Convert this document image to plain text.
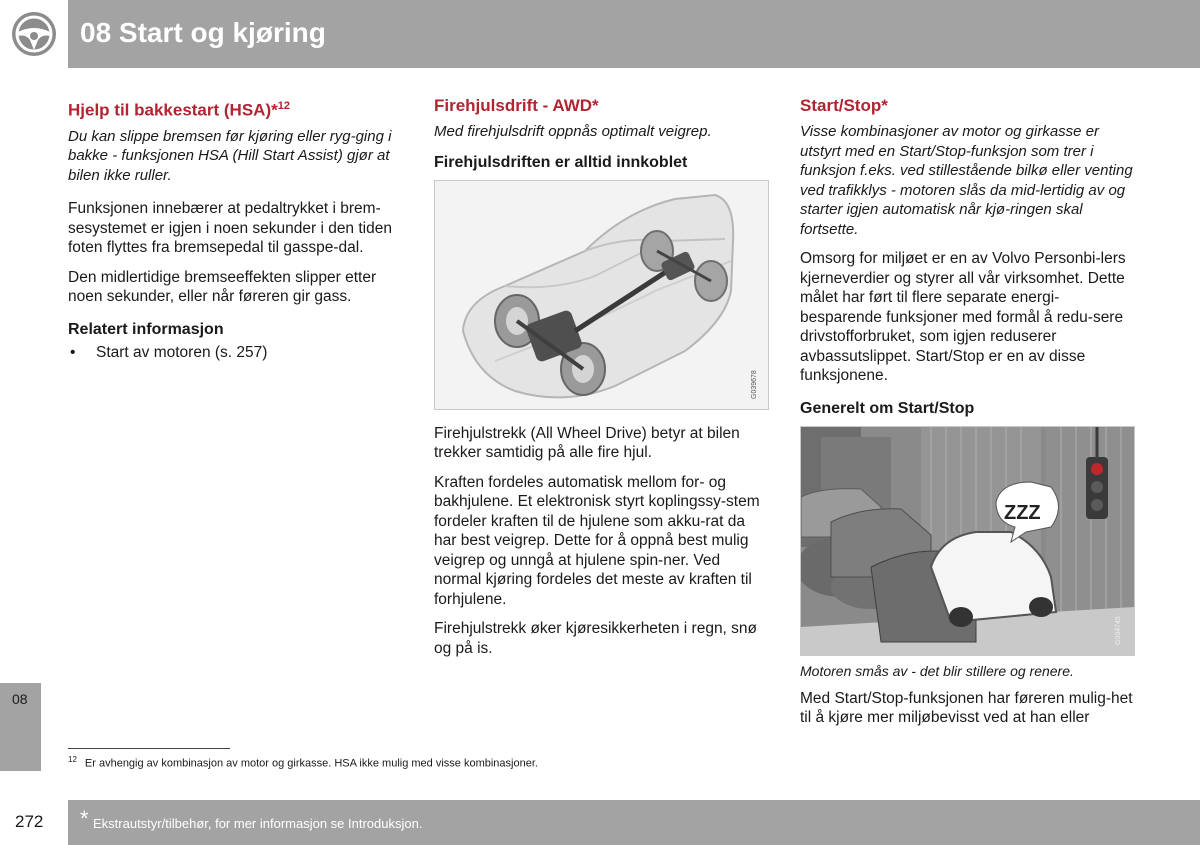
08 Start og kjøring
Hjelp til bakkestart (HSA)*$^{12}$

Du kan slippe bremsen før kjøring eller ryg-ging i bakke - funksjonen HSA (Hill Start Assist) gjør at bilen ikke ruller.

Funksjonen innebærer at pedaltrykket i brem-sesystemet er igjen i noen sekunder i den tiden foten flyttes fra bremsepedal til gasspe-dal.

Den midlertidige bremseeffekten slipper etter noen sekunder, eller når føreren gir gass.

Relatert informasjon
• Start av motoren (s. 257)
Firehjulsdrift - AWD*

Med firehjulsdrift oppnås optimalt veigrep.

Firehjulsdriften er alltid innkoblet
G039678

Firehjulstrekk (All Wheel Drive) betyr at bilen trekker samtidig på alle fire hjul.

Kraften fordeles automatisk mellom for- og bakhjulene. Et elektronisk styrt koplingssy-stem fordeler kraften til de hjulene som akku-rat da har best veigrep. Dette for å oppnå best mulig veigrep og unngå at hjulene spin-ner. Ved normal kjøring fordeles det meste av kraften til forhjulene.

Firehjulstrekk øker kjøresikkerheten i regn, snø og på is.

Start/Stop*

Visse kombinasjoner av motor og girkasse er utstyrt med en Start/Stop-funksjon som trer i funksjon f.eks. ved stillestående bilkø eller venting ved trafikklys - motoren slås da mid-lertidig av og starter igjen automatisk når kjø-ringen skal fortsette.

Omsorg for miljøet er en av Volvo Personbi-lers kjerneverdier og styrer all vår virksomhet. Dette målet har ført til flere separate energi-besparende funksjoner med formål å redu-sere drivstofforbruket, som igjen reduserer avbassutslippet. Start/Stop er en av disse funksjonene.

Generelt om Start/Stop
ZZZ
G034745

Motoren smås av - det blir stillere og renere.

Med Start/Stop-funksjonen har føreren mulig-het til å kjøre mer miljøbevisst ved at han eller

08
$^{12}$ Er avhengig av kombinasjon av motor og girkasse. HSA ikke mulig med visse kombinasjoner.
272 * Ekstrautstyr/tilbehør, for mer informasjon se Introduksjon.
